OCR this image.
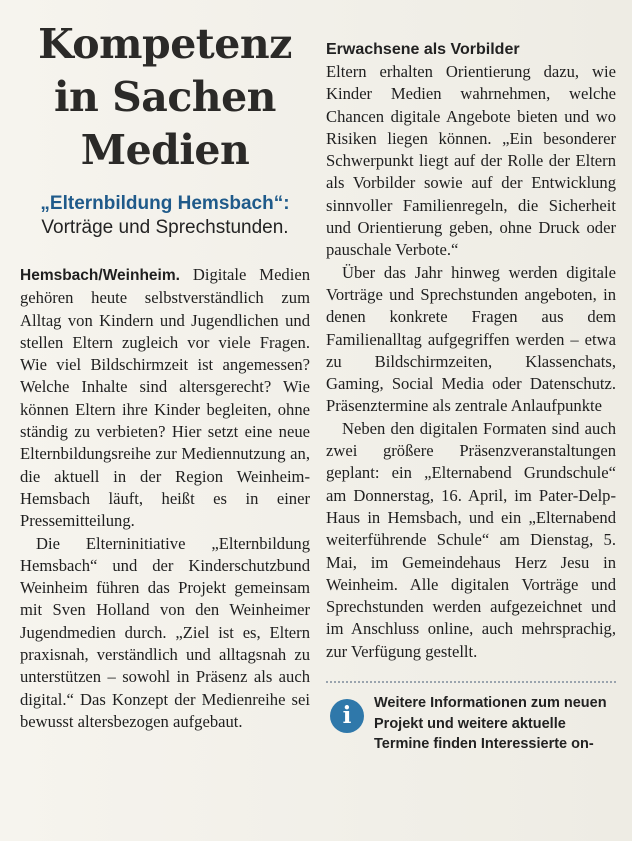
Kompetenz
in Sachen
Medien
„Elternbildung Hemsbach“:
Vorträge und Sprechstunden.

Hemsbach/Weinheim. Digitale Medien gehören heute selbstverständlich zum Alltag von Kindern und Jugendlichen und stellen Eltern zugleich vor viele Fragen. Wie viel Bildschirmzeit ist angemessen? Welche Inhalte sind altersgerecht? Wie können Eltern ihre Kinder begleiten, ohne ständig zu verbieten? Hier setzt eine neue Elternbildungsreihe zur Mediennutzung an, die aktuell in der Region Weinheim-Hemsbach läuft, heißt es in einer Pressemitteilung.

Die Elterninitiative „Elternbildung Hemsbach“ und der Kinderschutzbund Weinheim führen das Projekt gemeinsam mit Sven Holland von den Weinheimer Jugendmedien durch. „Ziel ist es, Eltern praxisnah, verständlich und alltagsnah zu unterstützen – sowohl in Präsenz als auch digital.“ Das Konzept der Medienreihe sei bewusst altersbezogen aufgebaut.

Erwachsene als Vorbilder

Eltern erhalten Orientierung dazu, wie Kinder Medien wahrnehmen, welche Chancen digitale Angebote bieten und wo Risiken liegen können. „Ein besonderer Schwerpunkt liegt auf der Rolle der Eltern als Vorbilder sowie auf der Entwicklung sinnvoller Familienregeln, die Sicherheit und Orientierung geben, ohne Druck oder pauschale Verbote.“

Über das Jahr hinweg werden digitale Vorträge und Sprechstunden angeboten, in denen konkrete Fragen aus dem Familienalltag aufgegriffen werden – etwa zu Bildschirmzeiten, Klassenchats, Gaming, Social Media oder Datenschutz. Präsenztermine als zentrale Anlaufpunkte

Neben den digitalen Formaten sind auch zwei größere Präsenzveranstaltungen geplant: ein „Elternabend Grundschule“ am Donnerstag, 16. April, im Pater-Delp-Haus in Hemsbach, und ein „Elternabend weiterführende Schule“ am Dienstag, 5. Mai, im Gemeindehaus Herz Jesu in Weinheim. Alle digitalen Vorträge und Sprechstunden werden aufgezeichnet und im Anschluss online, auch mehrsprachig, zur Verfügung gestellt.

i	Weitere Informationen zum neuen Projekt und weitere aktuelle Termine finden Interessierte on-
